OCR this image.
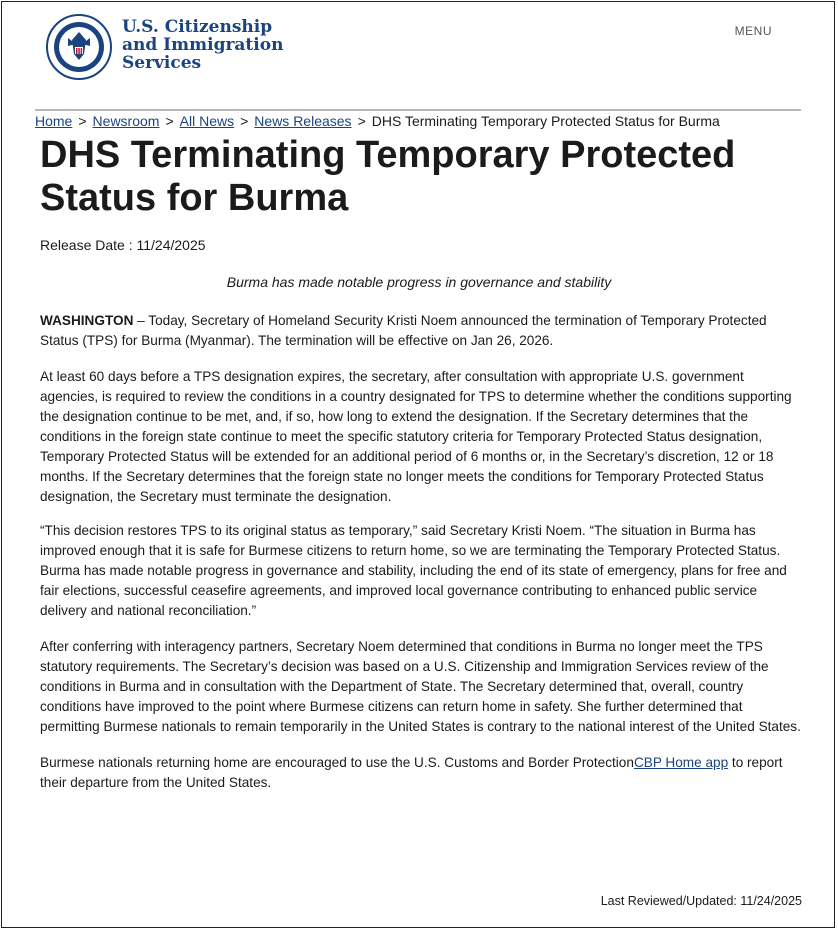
U.S. Citizenship
and Immigration
Services
MENU
Home > Newsroom > All News > News Releases > DHS Terminating Temporary Protected Status for Burma
DHS Terminating Temporary Protected Status for Burma
Release Date : 11/24/2025
Burma has made notable progress in governance and stability

WASHINGTON – Today, Secretary of Homeland Security Kristi Noem announced the termination of Temporary Protected Status (TPS) for Burma (Myanmar). The termination will be effective on Jan 26, 2026.

At least 60 days before a TPS designation expires, the secretary, after consultation with appropriate U.S. government agencies, is required to review the conditions in a country designated for TPS to determine whether the conditions supporting the designation continue to be met, and, if so, how long to extend the designation. If the Secretary determines that the conditions in the foreign state continue to meet the specific statutory criteria for Temporary Protected Status designation, Temporary Protected Status will be extended for an additional period of 6 months or, in the Secretary’s discretion, 12 or 18 months. If the Secretary determines that the foreign state no longer meets the conditions for Temporary Protected Status designation, the Secretary must terminate the designation.

“This decision restores TPS to its original status as temporary,” said Secretary Kristi Noem. “The situation in Burma has improved enough that it is safe for Burmese citizens to return home, so we are terminating the Temporary Protected Status. Burma has made notable progress in governance and stability, including the end of its state of emergency, plans for free and fair elections, successful ceasefire agreements, and improved local governance contributing to enhanced public service delivery and national reconciliation.”

After conferring with interagency partners, Secretary Noem determined that conditions in Burma no longer meet the TPS statutory requirements. The Secretary’s decision was based on a U.S. Citizenship and Immigration Services review of the conditions in Burma and in consultation with the Department of State. The Secretary determined that, overall, country conditions have improved to the point where Burmese citizens can return home in safety. She further determined that permitting Burmese nationals to remain temporarily in the United States is contrary to the national interest of the United States.

Burmese nationals returning home are encouraged to use the U.S. Customs and Border ProtectionCBP Home app to report their departure from the United States.

Last Reviewed/Updated: 11/24/2025
